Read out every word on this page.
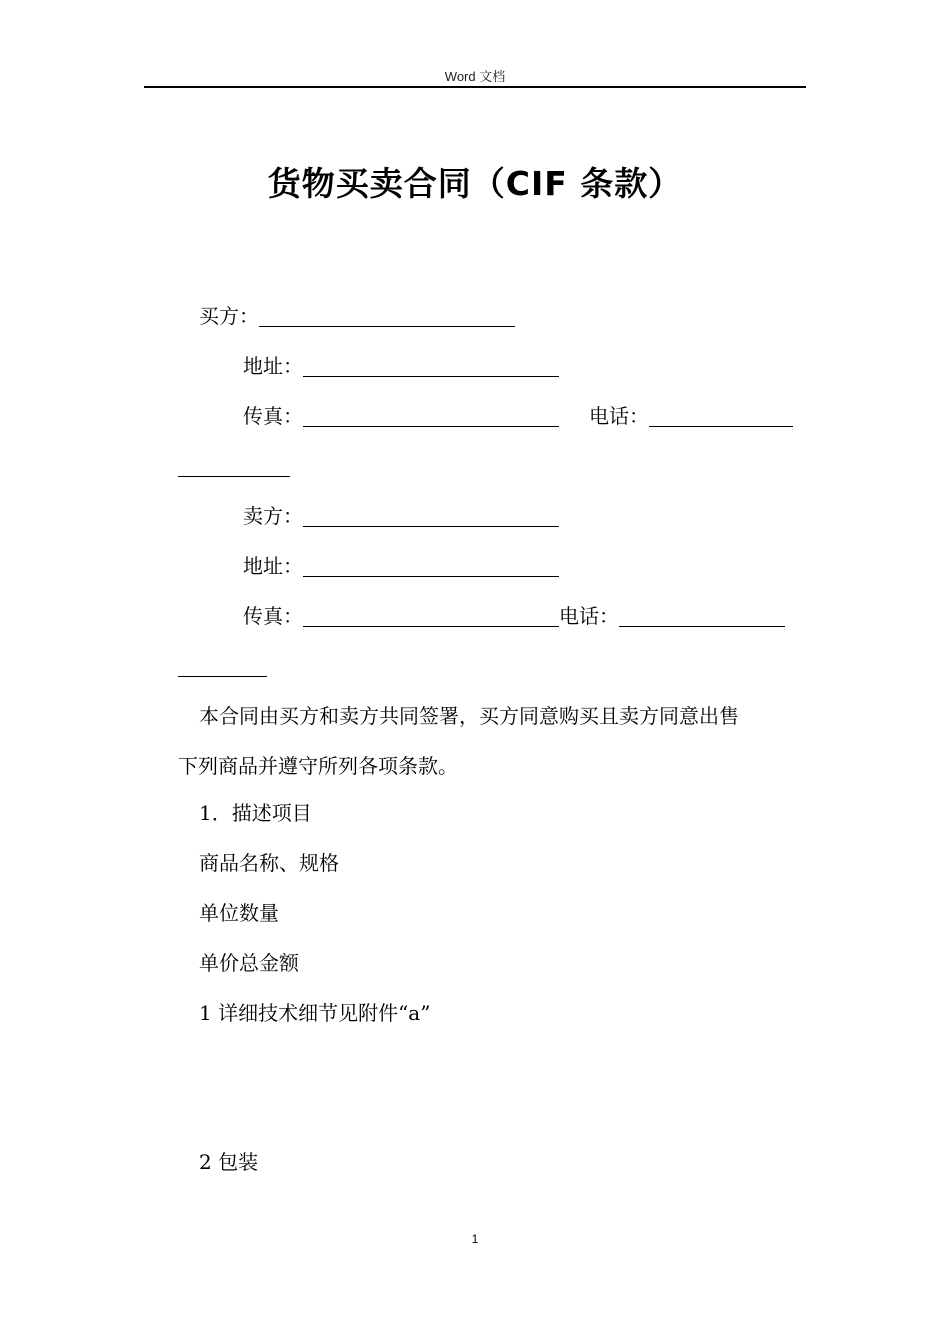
Word 文档
货物买卖合同（CIF 条款）
买方：
地址：
传真：	电话：
卖方：
地址：
传真：	电话：
本合同由买方和卖方共同签署，买方同意购买且卖方同意出售
下列商品并遵守所列各项条款。
1．描述项目
商品名称、规格
单位数量
单价总金额
1 详细技术细节见附件“a”
2 包装
1
